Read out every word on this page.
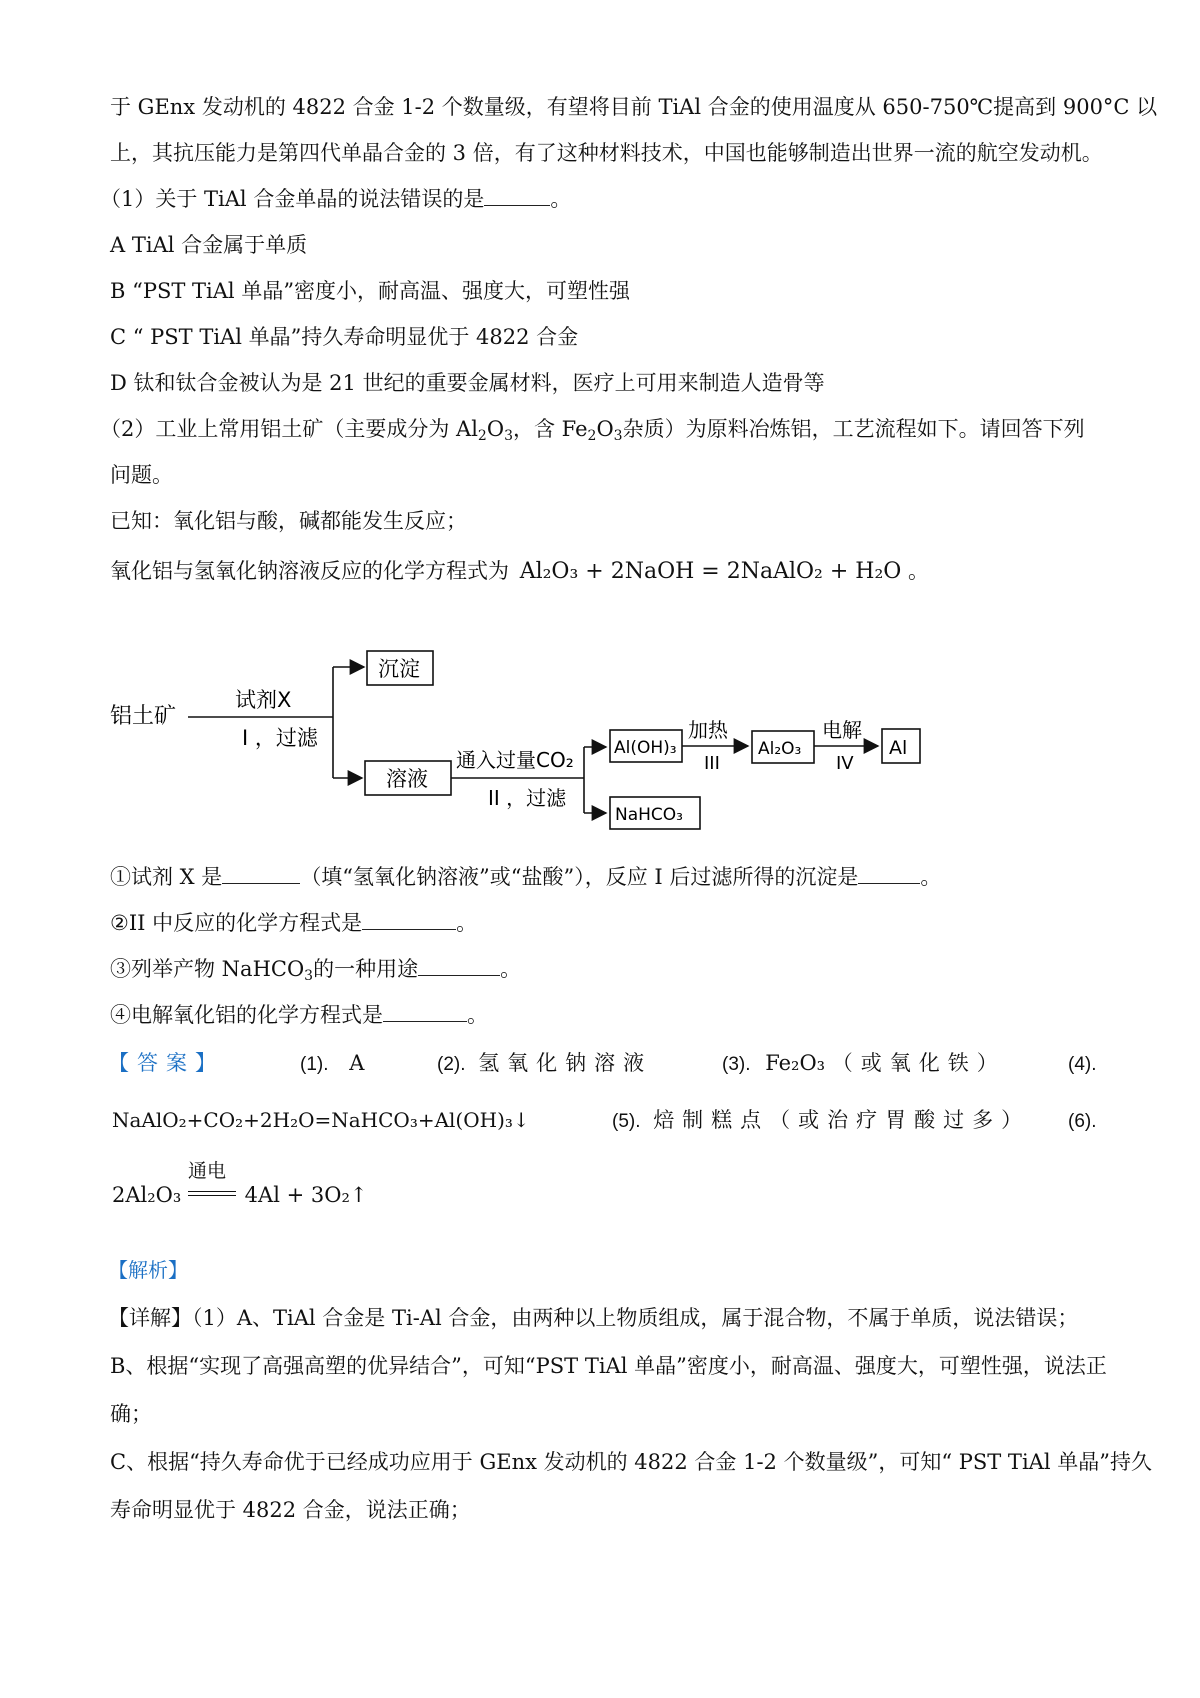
于 GEnx 发动机的 4822 合金 1-2 个数量级，有望将目前 TiAl 合金的使用温度从 650-750℃提高到 900°C 以
上，其抗压能力是第四代单晶合金的 3 倍，有了这种材料技术，中国也能够制造出世界一流的航空发动机。
（1）关于 TiAl 合金单晶的说法错误的是	。
A TiAl 合金属于单质
B “PST TiAl 单晶”密度小，耐高温、强度大，可塑性强
C “ PST TiAl 单晶”持久寿命明显优于 4822 合金
D 钛和钛合金被认为是 21 世纪的重要金属材料，医疗上可用来制造人造骨等
（2）工业上常用铝土矿（主要成分为 $Al_2O_3$，含 $Fe_2O_3$杂质）为原料冶炼铝，工艺流程如下。请回答下列
问题。
已知：氧化铝与酸，碱都能发生反应；
氧化铝与氢氧化钠溶液反应的化学方程式为 Al₂O₃ + 2NaOH = 2NaAlO₂ + H₂O 。
铝土矿
试剂X
I ，过滤
沉淀
溶液
通入过量CO₂
II ，过滤
Al(OH)₃
加热
III
Al₂O₃
电解
IV
Al
NaHCO₃
①试剂 X 是	（填“氢氧化钠溶液”或“盐酸”），反应 I 后过滤所得的沉淀是	。
②II 中反应的化学方程式是	。
③列举产物 NaHCO$_3$的一种用途	。
④电解氧化铝的化学方程式是	。
【答案】	(1). A	(2). 氢氧化钠溶液	(3). Fe₂O₃ （或氧化铁）	(4).
NaAlO₂+CO₂+2H₂O=NaHCO₃+Al(OH)₃↓	(5). 焙制糕点（或治疗胃酸过多） (6).
2Al₂O₃
通电
4Al + 3O₂↑
【解析】
【详解】（1）A、TiAl 合金是 Ti-Al 合金，由两种以上物质组成，属于混合物，不属于单质，说法错误；
B、根据“实现了高强高塑的优异结合”，可知“PST TiAl 单晶”密度小，耐高温、强度大，可塑性强，说法正
确；
C、根据“持久寿命优于已经成功应用于 GEnx 发动机的 4822 合金 1-2 个数量级”，可知“ PST TiAl 单晶”持久
寿命明显优于 4822 合金，说法正确；
